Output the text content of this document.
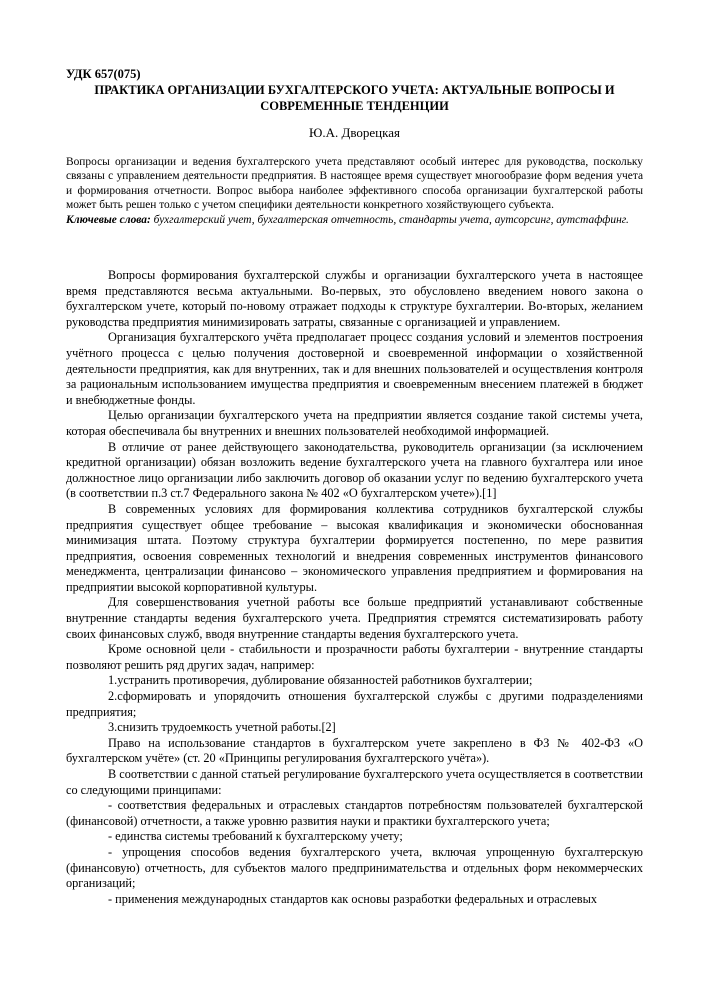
УДК 657(075)
ПРАКТИКА ОРГАНИЗАЦИИ БУХГАЛТЕРСКОГО УЧЕТА: АКТУАЛЬНЫЕ ВОПРОСЫ И СОВРЕМЕННЫЕ ТЕНДЕНЦИИ
Ю.А. Дворецкая

Вопросы организации и ведения бухгалтерского учета представляют особый интерес для руководства, поскольку связаны с управлением деятельности предприятия. В настоящее время существует многообразие форм ведения учета и формирования отчетности. Вопрос выбора наиболее эффективного способа организации бухгалтерской работы может быть решен только с учетом специфики деятельности конкретного хозяйствующего субъекта.

Ключевые слова: бухгалтерский учет, бухгалтерская отчетность, стандарты учета, аутсорсинг, аутстаффинг.

Вопросы формирования бухгалтерской службы и организации бухгалтерского учета в настоящее время представляются весьма актуальными. Во-первых, это обусловлено введением нового закона о бухгалтерском учете, который по-новому отражает подходы к структуре бухгалтерии. Во-вторых, желанием руководства предприятия минимизировать затраты, связанные с организацией и управлением.

Организация бухгалтерского учёта предполагает процесс создания условий и элементов построения учётного процесса с целью получения достоверной и своевременной информации о хозяйственной деятельности предприятия, как для внутренних, так и для внешних пользователей и осуществления контроля за рациональным использованием имущества предприятия и своевременным внесением платежей в бюджет и внебюджетные фонды.

Целью организации бухгалтерского учета на предприятии является создание такой системы учета, которая обеспечивала бы внутренних и внешних пользователей необходимой информацией.

В отличие от ранее действующего законодательства, руководитель организации (за исключением кредитной организации) обязан возложить ведение бухгалтерского учета на главного бухгалтера или иное должностное лицо организации либо заключить договор об оказании услуг по ведению бухгалтерского учета (в соответствии п.3 ст.7 Федерального закона № 402 «О бухгалтерском учете»).[1]

В современных условиях для формирования коллектива сотрудников бухгалтерской службы предприятия существует общее требование – высокая квалификация и экономически обоснованная минимизация штата. Поэтому структура бухгалтерии формируется постепенно, по мере развития предприятия, освоения современных технологий и внедрения современных инструментов финансового менеджмента, централизации финансово – экономического управления предприятием и формирования на предприятии высокой корпоративной культуры.

Для совершенствования учетной работы все больше предприятий устанавливают собственные внутренние стандарты ведения бухгалтерского учета. Предприятия стремятся систематизировать работу своих финансовых служб, вводя внутренние стандарты ведения бухгалтерского учета.

Кроме основной цели - стабильности и прозрачности работы бухгалтерии - внутренние стандарты позволяют решить ряд других задач, например:

1.устранить противоречия, дублирование обязанностей работников бухгалтерии;

2.сформировать и упорядочить отношения бухгалтерской службы с другими подразделениями предприятия;

3.снизить трудоемкость учетной работы.[2]

Право на использование стандартов в бухгалтерском учете закреплено в ФЗ № 402-ФЗ «О бухгалтерском учёте» (ст. 20 «Принципы регулирования бухгалтерского учёта»).

В соответствии с данной статьей регулирование бухгалтерского учета осуществляется в соответствии со следующими принципами:

- соответствия федеральных и отраслевых стандартов потребностям пользователей бухгалтерской (финансовой) отчетности, а также уровню развития науки и практики бухгалтерского учета;

- единства системы требований к бухгалтерскому учету;

- упрощения способов ведения бухгалтерского учета, включая упрощенную бухгалтерскую (финансовую) отчетность, для субъектов малого предпринимательства и отдельных форм некоммерческих организаций;

- применения международных стандартов как основы разработки федеральных и отраслевых
